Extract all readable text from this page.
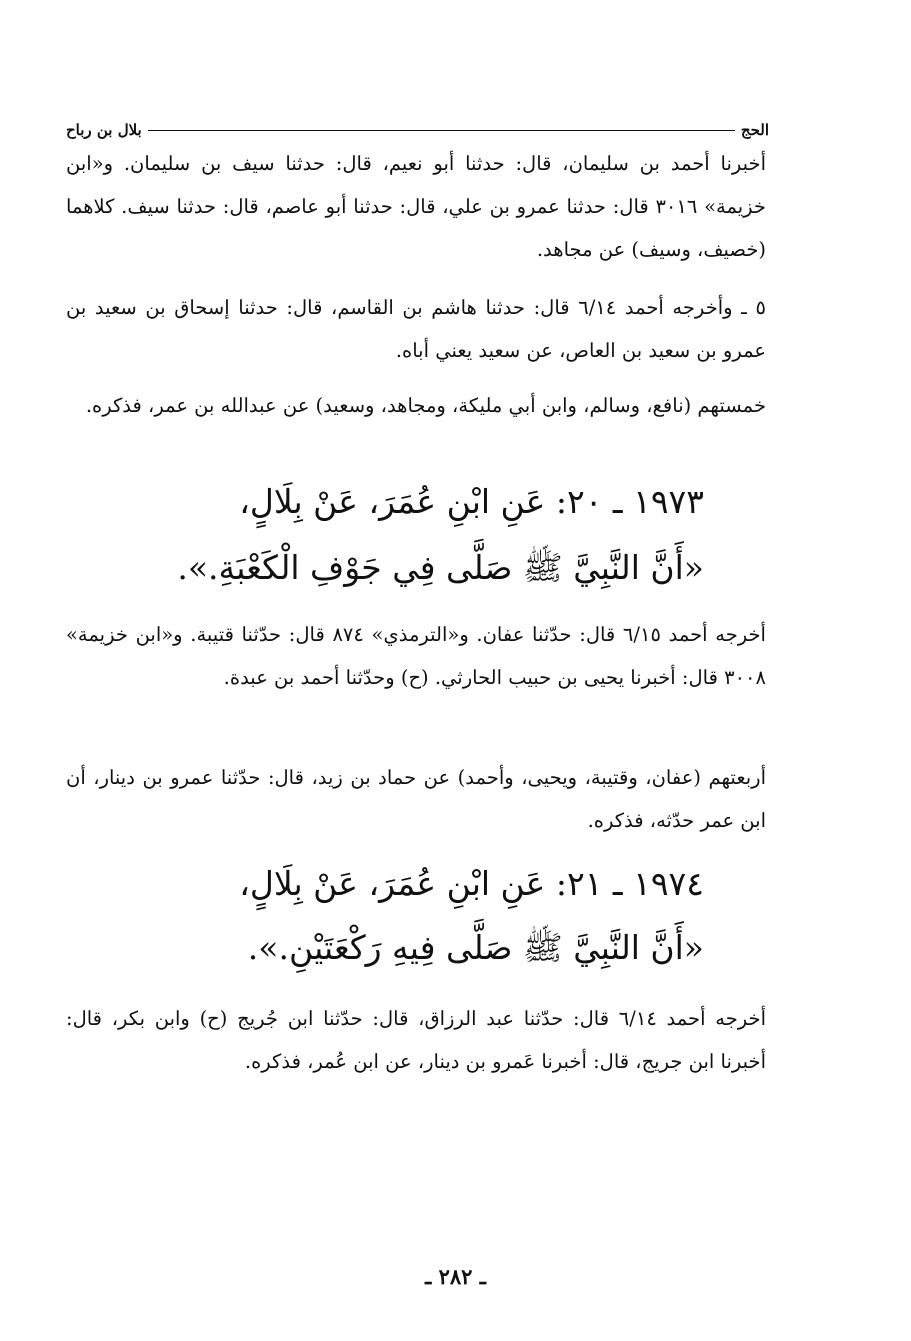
الحج
بلال بن رباح

أخبرنا أحمد بن سليمان، قال: حدثنا أبو نعيم، قال: حدثنا سيف بن سليمان. و«ابن خزيمة» ٣٠١٦ قال: حدثنا عمرو بن علي، قال: حدثنا أبو عاصم، قال: حدثنا سيف. كلاهما (خصيف، وسيف) عن مجاهد.

٥ ـ وأخرجه أحمد ٦/١٤ قال: حدثنا هاشم بن القاسم، قال: حدثنا إسحاق بن سعيد بن عمرو بن سعيد بن العاص، عن سعيد يعني أباه.

خمستهم (نافع، وسالم، وابن أبي مليكة، ومجاهد، وسعيد) عن عبدالله بن عمر، فذكره.

١٩٧٣ ـ ٢٠: عَنِ ابْنِ عُمَرَ، عَنْ بِلَالٍ،

«أَنَّ النَّبِيَّ ﷺ صَلَّى فِي جَوْفِ الْكَعْبَةِ.».

أخرجه أحمد ٦/١٥ قال: حدّثنا عفان. و«الترمذي» ٨٧٤ قال: حدّثنا قتيبة. و«ابن خزيمة» ٣٠٠٨ قال: أخبرنا يحيى بن حبيب الحارثي. (ح) وحدّثنا أحمد بن عبدة.

أربعتهم (عفان، وقتيبة، ويحيى، وأحمد) عن حماد بن زيد، قال: حدّثنا عمرو بن دينار، أن ابن عمر حدّثه، فذكره.

١٩٧٤ ـ ٢١: عَنِ ابْنِ عُمَرَ، عَنْ بِلَالٍ،

«أَنَّ النَّبِيَّ ﷺ صَلَّى فِيهِ رَكْعَتَيْنِ.».

أخرجه أحمد ٦/١٤ قال: حدّثنا عبد الرزاق، قال: حدّثنا ابن جُريج (ح) وابن بكر، قال: أخبرنا ابن جريج، قال: أخبرنا عَمرو بن دينار، عن ابن عُمر، فذكره.

ـ ٢٨٢ ـ
